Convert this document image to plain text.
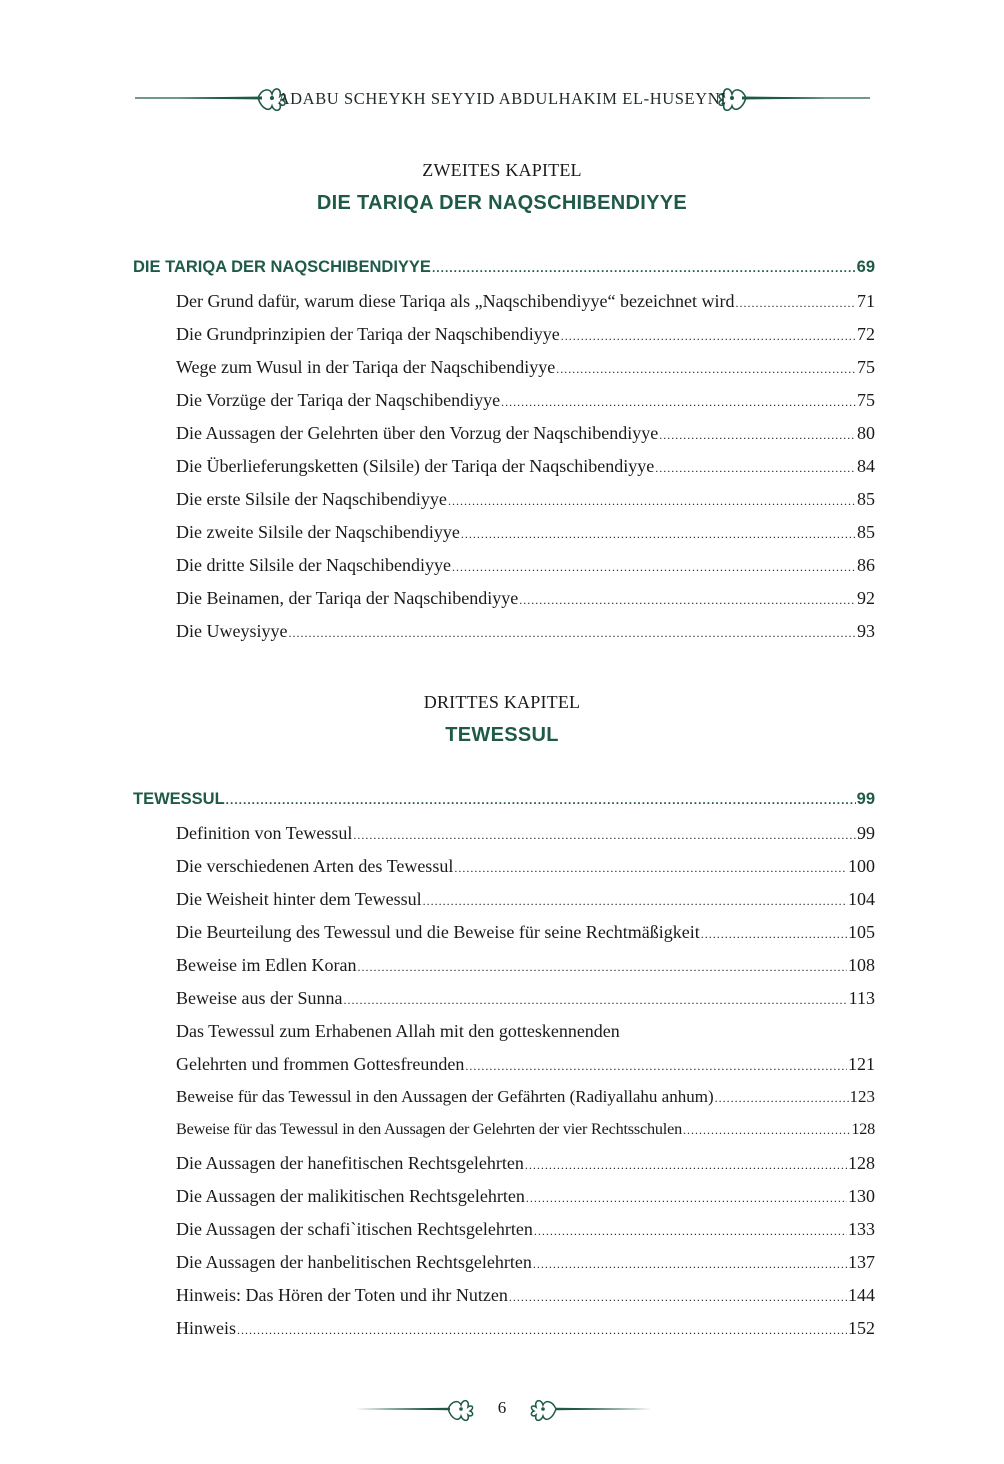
ADABU SCHEYKH SEYYID ABDULHAKIM EL-HUSEYNI
ZWEITES KAPITEL
DIE TARIQA DER NAQSCHIBENDIYYE
DIE TARIQA DER NAQSCHIBENDIYYE .....	69
Der Grund dafür, warum diese Tariqa als „Naqschibendiyye“ bezeichnet wird .....	71
Die Grundprinzipien der Tariqa der Naqschibendiyye .....	72
Wege zum Wusul in der Tariqa der Naqschibendiyye .....	75
Die Vorzüge der Tariqa der Naqschibendiyye .....	75
Die Aussagen der Gelehrten über den Vorzug der Naqschibendiyye .....	80
Die Überlieferungsketten (Silsile) der Tariqa der Naqschibendiyye .....	84
Die erste Silsile der Naqschibendiyye .....	85
Die zweite Silsile der Naqschibendiyye .....	85
Die dritte Silsile der Naqschibendiyye .....	86
Die Beinamen, der Tariqa der Naqschibendiyye .....	92
Die Uweysiyye .....	93
DRITTES KAPITEL
TEWESSUL
TEWESSUL .....	99
Definition von Tewessul .....	99
Die verschiedenen Arten des Tewessul .....	100
Die Weisheit hinter dem Tewessul .....	104
Die Beurteilung des Tewessul und die Beweise für seine Rechtmäßigkeit .....	105
Beweise im Edlen Koran .....	108
Beweise aus der Sunna .....	113
Das Tewessul zum Erhabenen Allah mit den gotteskennenden
Gelehrten und frommen Gottesfreunden .....	121
Beweise für das Tewessul in den Aussagen der Gefährten (Radiyallahu anhum) .....	123
Beweise für das Tewessul in den Aussagen der Gelehrten der vier Rechtsschulen .....	128
Die Aussagen der hanefitischen Rechtsgelehrten .....	128
Die Aussagen der malikitischen Rechtsgelehrten .....	130
Die Aussagen der schafi`itischen Rechtsgelehrten .....	133
Die Aussagen der hanbelitischen Rechtsgelehrten .....	137
Hinweis: Das Hören der Toten und ihr Nutzen .....	144
Hinweis .....	152
6
